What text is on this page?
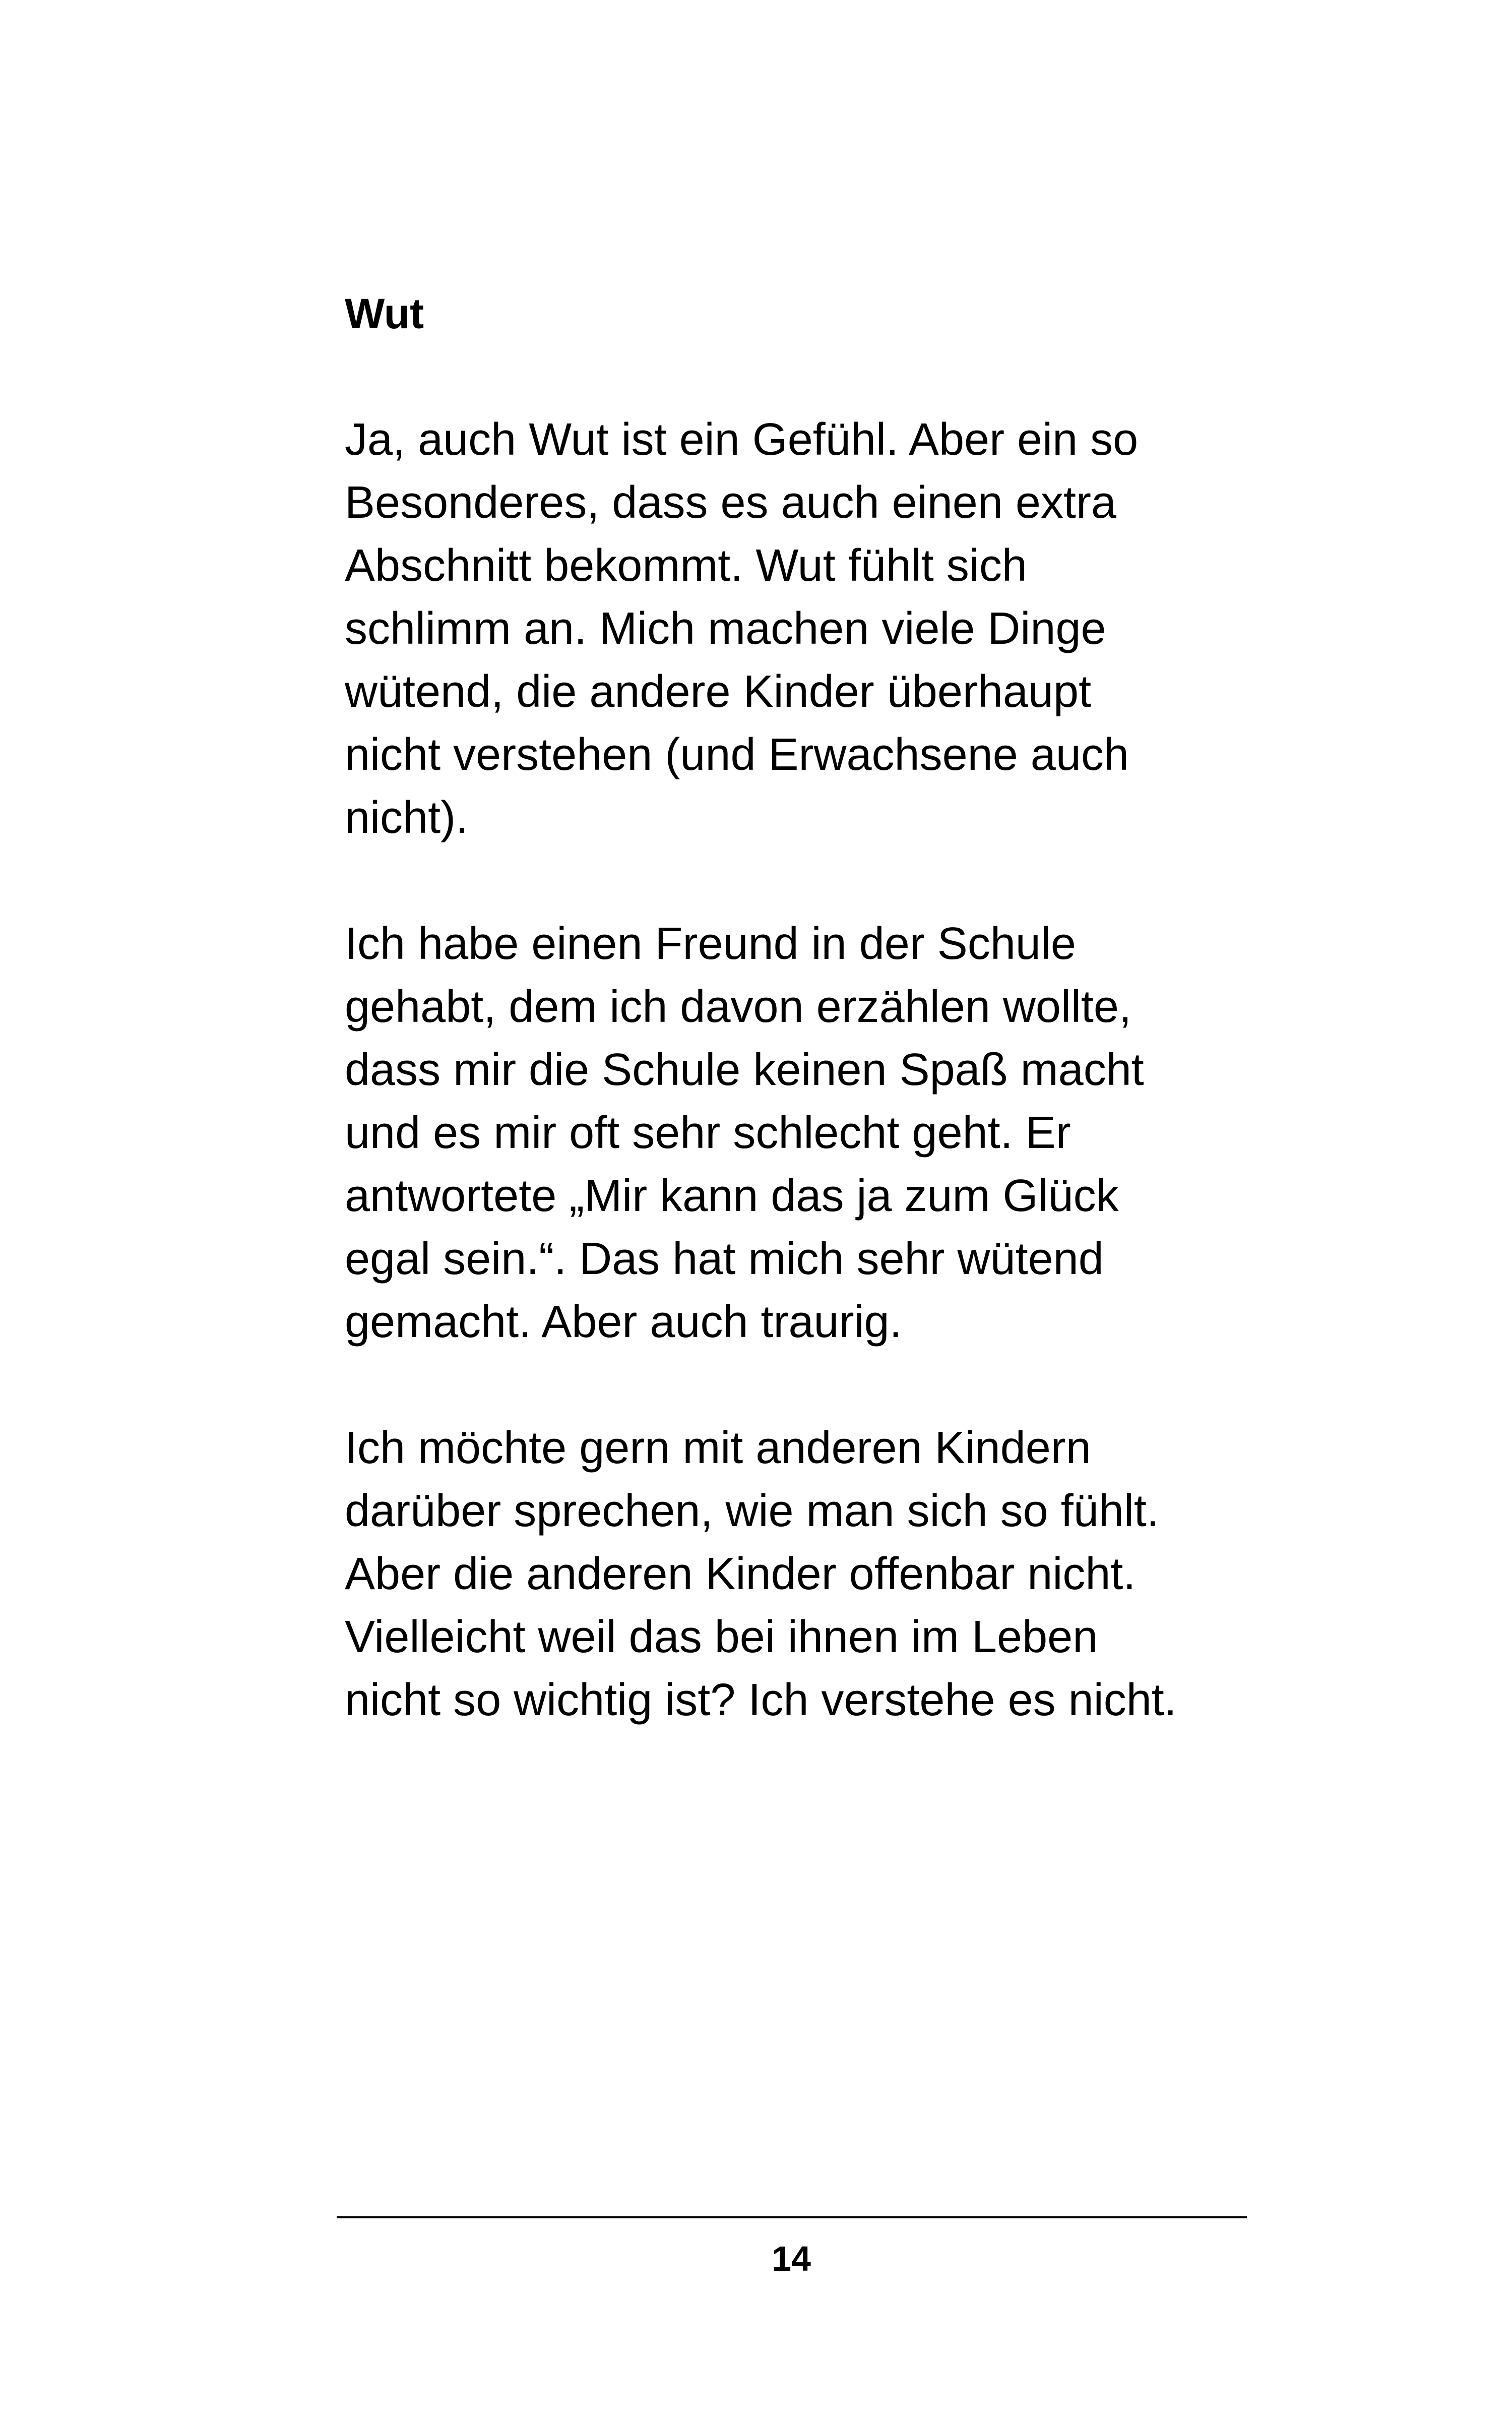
Wut
Ja, auch Wut ist ein Gefühl. Aber ein so
Besonderes, dass es auch einen extra
Abschnitt bekommt. Wut fühlt sich
schlimm an. Mich machen viele Dinge
wütend, die andere Kinder überhaupt
nicht verstehen (und Erwachsene auch
nicht).
Ich habe einen Freund in der Schule
gehabt, dem ich davon erzählen wollte,
dass mir die Schule keinen Spaß macht
und es mir oft sehr schlecht geht. Er
antwortete „Mir kann das ja zum Glück
egal sein.“. Das hat mich sehr wütend
gemacht. Aber auch traurig.
Ich möchte gern mit anderen Kindern
darüber sprechen, wie man sich so fühlt.
Aber die anderen Kinder offenbar nicht.
Vielleicht weil das bei ihnen im Leben
nicht so wichtig ist? Ich verstehe es nicht.
14
